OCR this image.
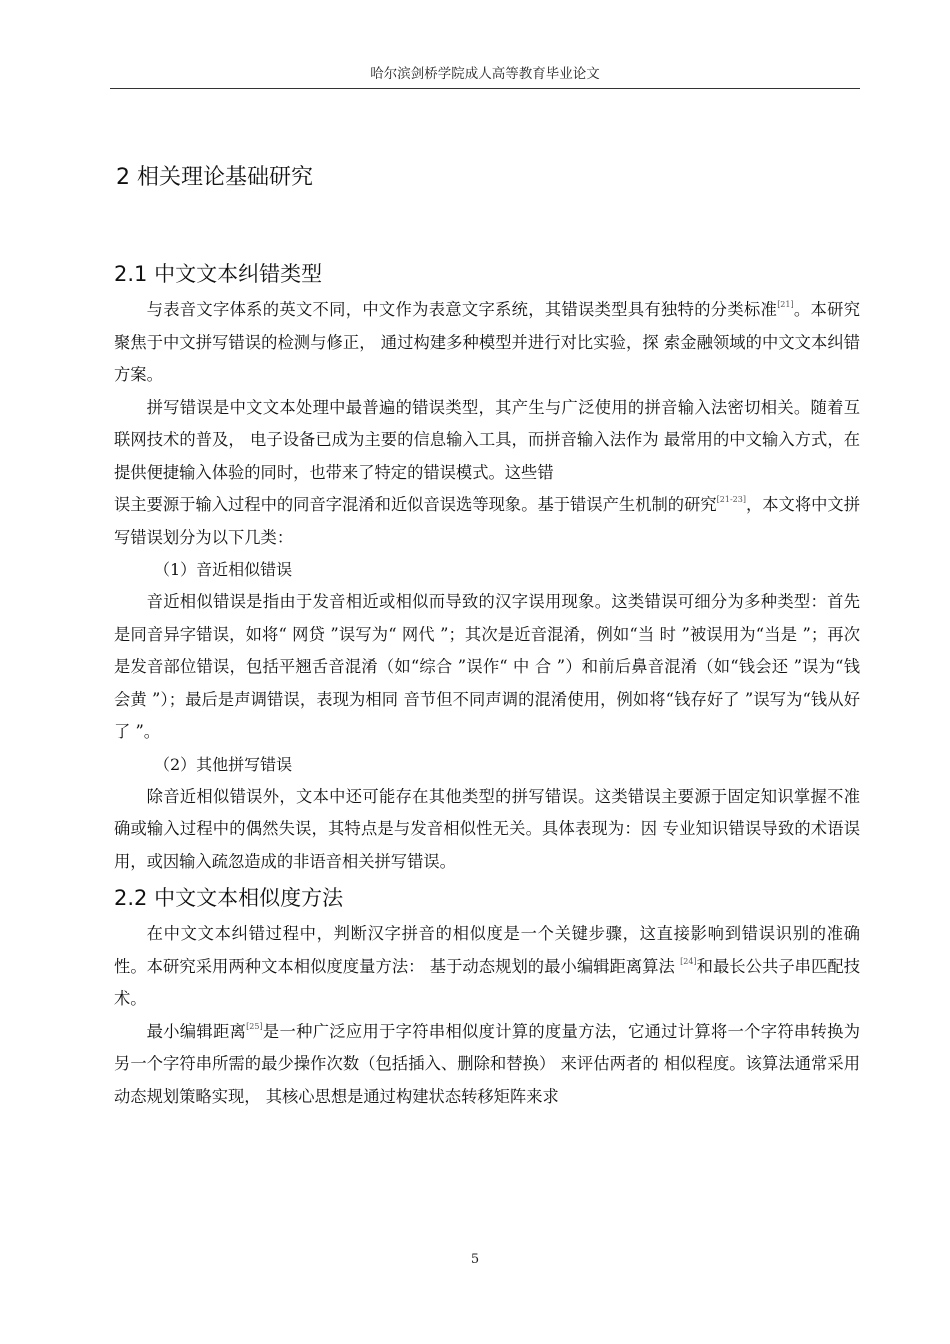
哈尔滨剑桥学院成人高等教育毕业论文
2 相关理论基础研究
2.1 中文文本纠错类型

与表音文字体系的英文不同，中文作为表意文字系统，其错误类型具有独特的分类标准[21]。本研究聚焦于中文拼写错误的检测与修正， 通过构建多种模型并进行对比实验，探 索金融领域的中文文本纠错方案。

拼写错误是中文文本处理中最普遍的错误类型，其产生与广泛使用的拼音输入法密切相关。随着互联网技术的普及， 电子设备已成为主要的信息输入工具，而拼音输入法作为 最常用的中文输入方式，在提供便捷输入体验的同时，也带来了特定的错误模式。这些错

误主要源于输入过程中的同音字混淆和近似音误选等现象。基于错误产生机制的研究[21-23]，本文将中文拼写错误划分为以下几类：

（1）音近相似错误

音近相似错误是指由于发音相近或相似而导致的汉字误用现象。这类错误可细分为多种类型：首先是同音异字错误，如将“ 网贷 ”误写为“ 网代 ”；其次是近音混淆，例如“当 时 ”被误用为“当是 ”；再次是发音部位错误，包括平翘舌音混淆（如“综合 ”误作“ 中 合 ”）和前后鼻音混淆（如“钱会还 ”误为“钱会黄 ”）；最后是声调错误，表现为相同 音节但不同声调的混淆使用，例如将“钱存好了 ”误写为“钱从好了 ”。

（2）其他拼写错误

除音近相似错误外，文本中还可能存在其他类型的拼写错误。这类错误主要源于固定知识掌握不准确或输入过程中的偶然失误，其特点是与发音相似性无关。具体表现为：因 专业知识错误导致的术语误用，或因输入疏忽造成的非语音相关拼写错误。

2.2 中文文本相似度方法

在中文文本纠错过程中，判断汉字拼音的相似度是一个关键步骤，这直接影响到错误识别的准确性。本研究采用两种文本相似度度量方法： 基于动态规划的最小编辑距离算法 [24]和最长公共子串匹配技术。

最小编辑距离[25]是一种广泛应用于字符串相似度计算的度量方法，它通过计算将一个字符串转换为另一个字符串所需的最少操作次数（包括插入、删除和替换） 来评估两者的 相似程度。该算法通常采用动态规划策略实现， 其核心思想是通过构建状态转移矩阵来求

5
